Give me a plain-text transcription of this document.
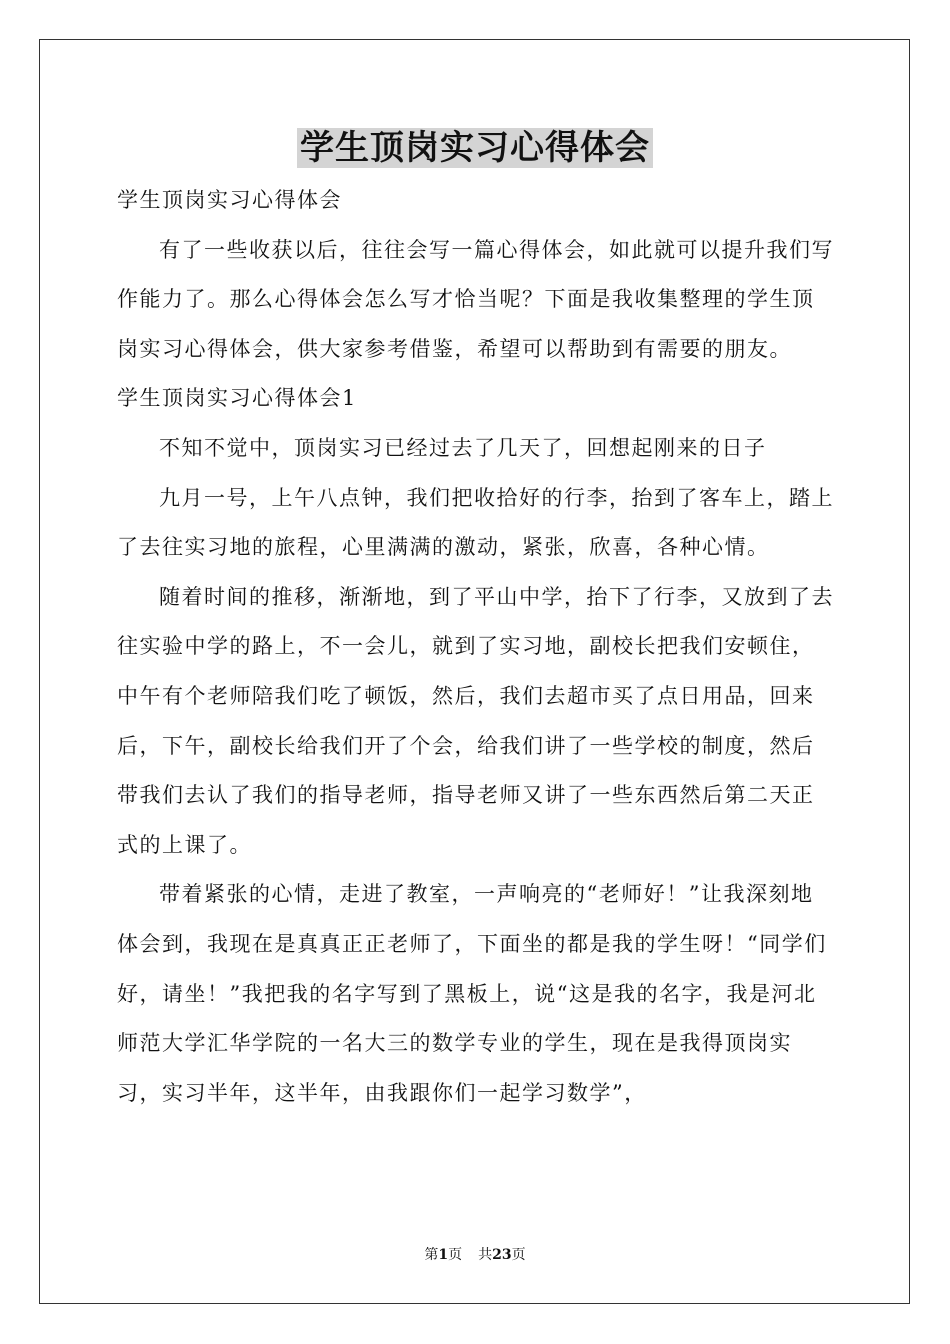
学生顶岗实习心得体会

学生顶岗实习心得体会

有了一些收获以后，往往会写一篇心得体会，如此就可以提升我们写作能力了。那么心得体会怎么写才恰当呢？下面是我收集整理的学生顶岗实习心得体会，供大家参考借鉴，希望可以帮助到有需要的朋友。

学生顶岗实习心得体会1

不知不觉中，顶岗实习已经过去了几天了，回想起刚来的日子

九月一号，上午八点钟，我们把收拾好的行李，抬到了客车上，踏上了去往实习地的旅程，心里满满的激动，紧张，欣喜，各种心情。

随着时间的推移，渐渐地，到了平山中学，抬下了行李，又放到了去往实验中学的路上，不一会儿，就到了实习地，副校长把我们安顿住，中午有个老师陪我们吃了顿饭，然后，我们去超市买了点日用品，回来后，下午，副校长给我们开了个会，给我们讲了一些学校的制度，然后带我们去认了我们的指导老师，指导老师又讲了一些东西然后第二天正式的上课了。

带着紧张的心情，走进了教室，一声响亮的“老师好！”让我深刻地体会到，我现在是真真正正老师了，下面坐的都是我的学生呀！“同学们好，请坐！”我把我的名字写到了黑板上，说“这是我的名字，我是河北师范大学汇华学院的一名大三的数学专业的学生，现在是我得顶岗实习，实习半年，这半年，由我跟你们一起学习数学”，

第1页 共23页
